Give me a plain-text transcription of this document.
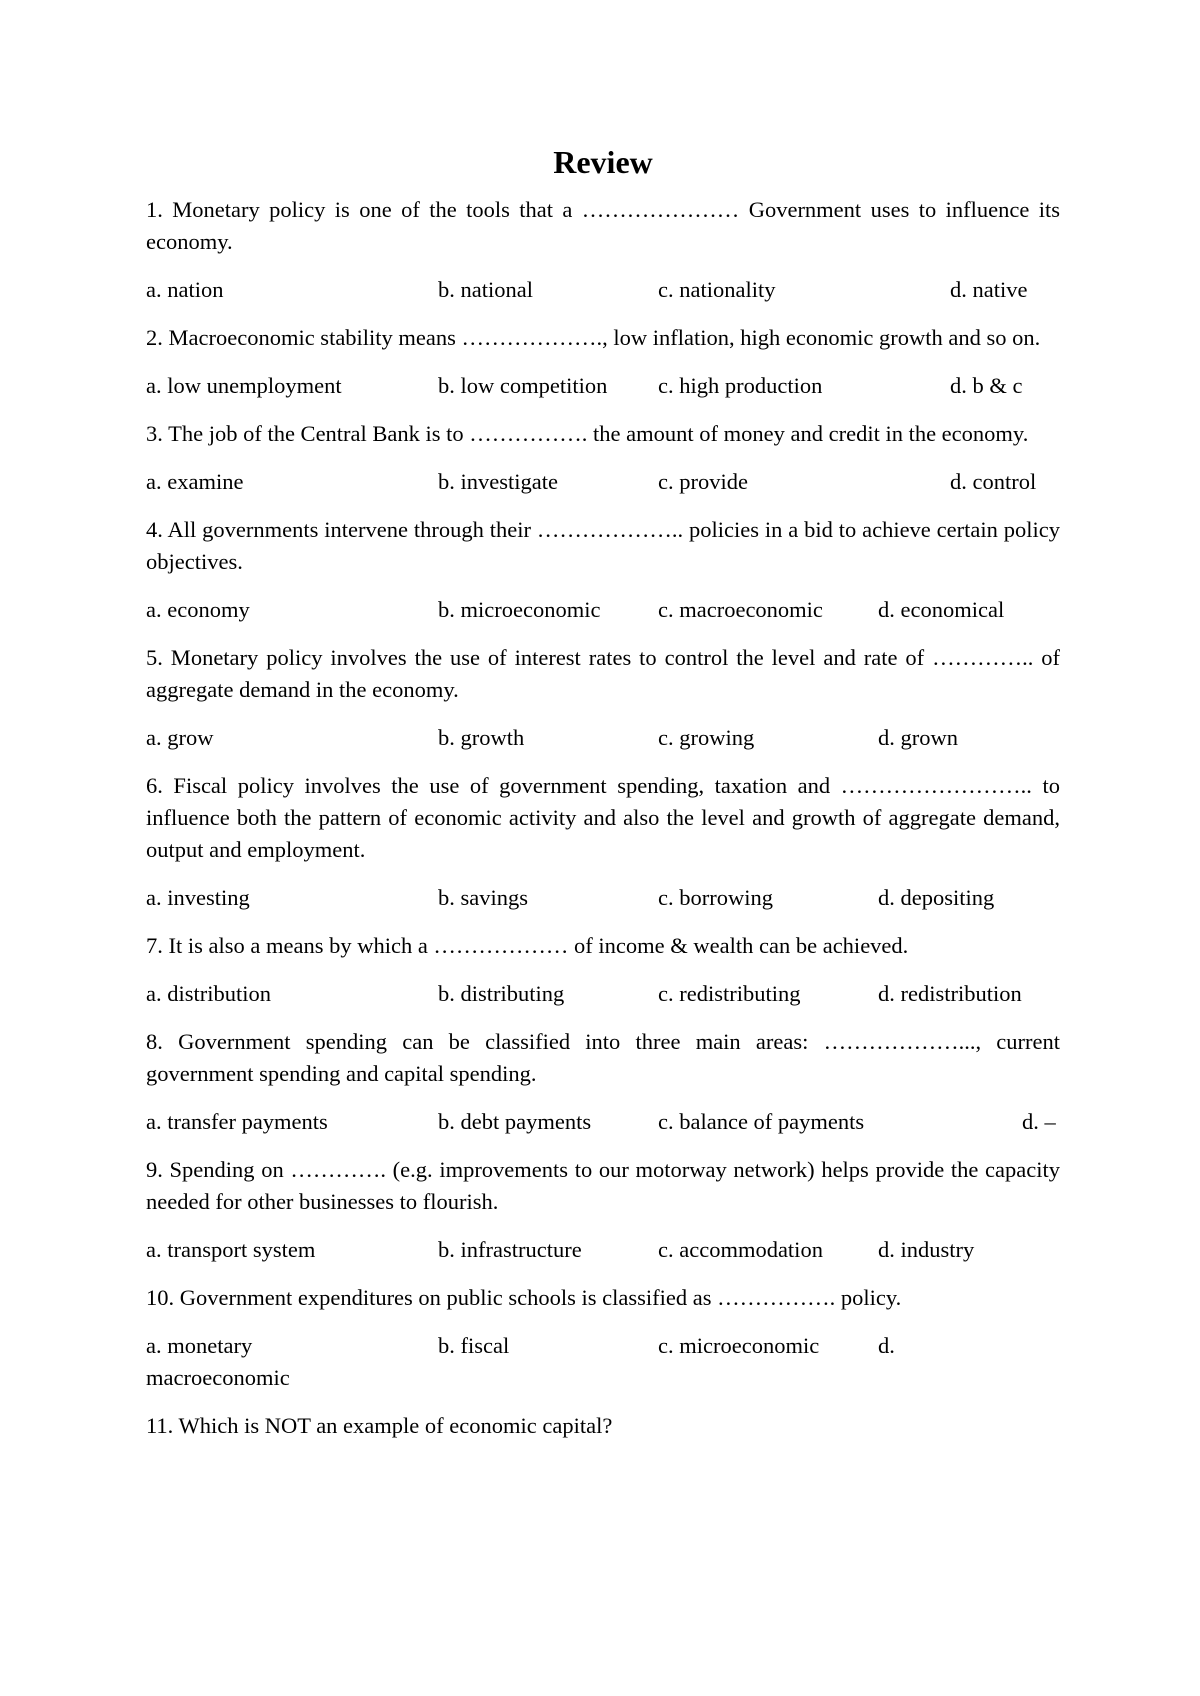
Review

1. Monetary policy is one of the tools that a ………………… Government uses to influence its economy.

a. nation	b. national	c. nationality	d. native

2. Macroeconomic stability means ………………., low inflation, high economic growth and so on.

a. low unemployment	b. low competition c. high production	d. b & c

3. The job of the Central Bank is to ……………. the amount of money and credit in the economy.

a. examine	b. investigate	c. provide	d. control

4. All governments intervene through their ……………….. policies in a bid to achieve certain policy objectives.

a. economy	b. microeconomic	c. macroeconomic d. economical

5. Monetary policy involves the use of interest rates to control the level and rate of ………….. of aggregate demand in the economy.

a. grow	b. growth	c. growing	d. grown

6. Fiscal policy involves the use of government spending, taxation and …………………….. to influence both the pattern of economic activity and also the level and growth of aggregate demand, output and employment.

a. investing	b. savings	c. borrowing	d. depositing

7. It is also a means by which a ……………… of income & wealth can be achieved.

a. distribution	b. distributing	c. redistributing	d. redistribution

8. Government spending can be classified into three main areas: ………………..., current government spending and capital spending.

a. transfer payments	b. debt payments	c. balance of payments	d. –

9. Spending on …………. (e.g. improvements to our motorway network) helps provide the capacity needed for other businesses to flourish.

a. transport system	b. infrastructure	c. accommodation d. industry

10. Government expenditures on public schools is classified as ……………. policy.

a. monetary	b. fiscal	c. microeconomic	d.
macroeconomic

11. Which is NOT an example of economic capital?
